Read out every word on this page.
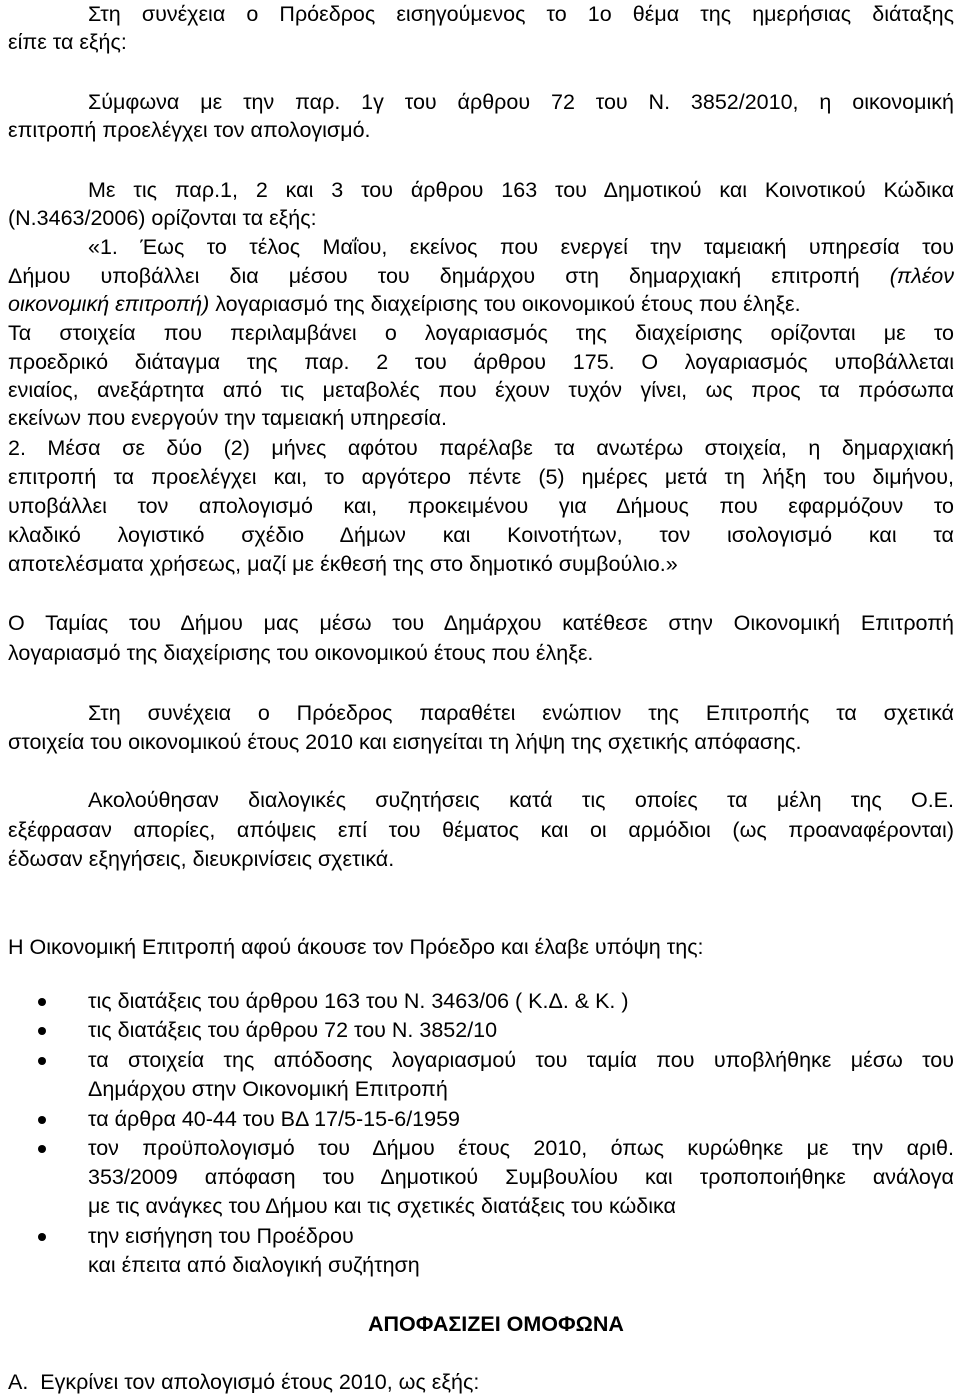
Στη συνέχεια ο Πρόεδρος εισηγούμενος το 1ο θέμα της ημερήσιας διάταξης
είπε τα εξής:
Σύμφωνα με την παρ. 1γ του άρθρου 72 του Ν. 3852/2010, η οικονομική
επιτροπή προελέγχει τον απολογισμό.
Με τις παρ.1, 2 και 3 του άρθρου 163 του Δημοτικού και Κοινοτικού Κώδικα
(Ν.3463/2006) ορίζονται τα εξής:
«1. Έως το τέλος Μαΐου, εκείνος που ενεργεί την ταμειακή υπηρεσία του
Δήμου υποβάλλει δια μέσου του δημάρχου στη δημαρχιακή επιτροπή (πλέον
οικονομική επιτροπή) λογαριασμό της διαχείρισης του οικονομικού έτους που έληξε.
Τα στοιχεία που περιλαμβάνει ο λογαριασμός της διαχείρισης ορίζονται με το
προεδρικό διάταγμα της παρ. 2 του άρθρου 175. Ο λογαριασμός υποβάλλεται
ενιαίος, ανεξάρτητα από τις μεταβολές που έχουν τυχόν γίνει, ως προς τα πρόσωπα
εκείνων που ενεργούν την ταμειακή υπηρεσία.
2. Μέσα σε δύο (2) μήνες αφότου παρέλαβε τα ανωτέρω στοιχεία, η δημαρχιακή
επιτροπή τα προελέγχει και, το αργότερο πέντε (5) ημέρες μετά τη λήξη του διμήνου,
υποβάλλει τον απολογισμό και, προκειμένου για Δήμους που εφαρμόζουν το
κλαδικό λογιστικό σχέδιο Δήμων και Κοινοτήτων, τον ισολογισμό και τα
αποτελέσματα χρήσεως, μαζί με έκθεσή της στο δημοτικό συμβούλιο.»
Ο Ταμίας του Δήμου μας μέσω του Δημάρχου κατέθεσε στην Οικονομική Επιτροπή
λογαριασμό της διαχείρισης του οικονομικού έτους που έληξε.
Στη συνέχεια ο Πρόεδρος παραθέτει ενώπιον της Επιτροπής τα σχετικά
στοιχεία του οικονομικού έτους 2010 και εισηγείται τη λήψη της σχετικής απόφασης.
Ακολούθησαν διαλογικές συζητήσεις κατά τις οποίες τα μέλη της Ο.Ε.
εξέφρασαν απορίες, απόψεις επί του θέματος και οι αρμόδιοι (ως προαναφέρονται)
έδωσαν εξηγήσεις, διευκρινίσεις σχετικά.
Η Οικονομική Επιτροπή αφού άκουσε τον Πρόεδρο και έλαβε υπόψη της:
τις διατάξεις του άρθρου 163 του Ν. 3463/06 ( Κ.Δ. & Κ. )
τις διατάξεις του άρθρου 72 του Ν. 3852/10
τα στοιχεία της απόδοσης λογαριασμού του ταμία που υποβλήθηκε μέσω του
Δημάρχου στην Οικονομική Επιτροπή
τα άρθρα 40-44 του ΒΔ 17/5-15-6/1959
τον προϋπολογισμό του Δήμου έτους 2010, όπως κυρώθηκε με την αριθ.
353/2009 απόφαση του Δημοτικού Συμβουλίου και τροποποιήθηκε ανάλογα
με τις ανάγκες του Δήμου και τις σχετικές διατάξεις του κώδικα
την εισήγηση του Προέδρου
και έπειτα από διαλογική συζήτηση
ΑΠΟΦΑΣΙΖΕΙ ΟΜΟΦΩΝΑ
Α. Εγκρίνει τον απολογισμό έτους 2010, ως εξής:
